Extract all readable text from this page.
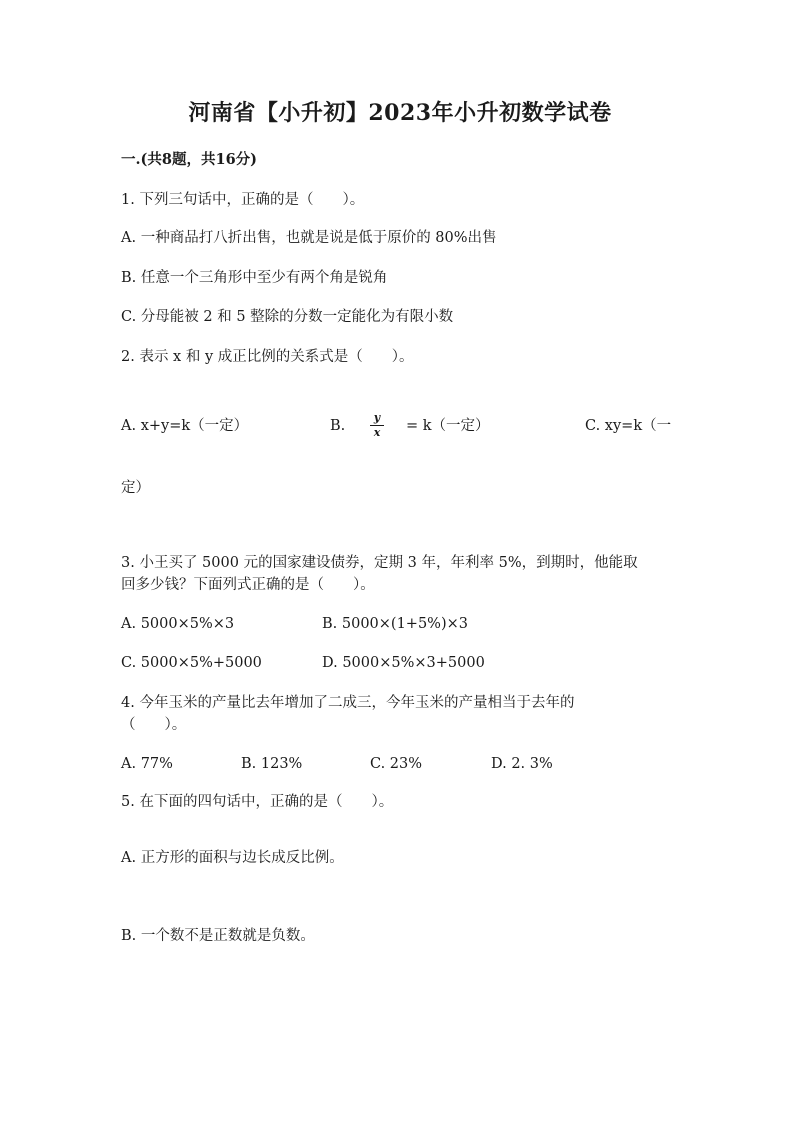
河南省【小升初】2023年小升初数学试卷
一.(共8题，共16分)
1. 下列三句话中，正确的是（　　）。
A. 一种商品打八折出售，也就是说是低于原价的 80%出售
B. 任意一个三角形中至少有两个角是锐角
C. 分母能被 2 和 5 整除的分数一定能化为有限小数
2. 表示 x 和 y 成正比例的关系式是（　　）。
A. x+y=k（一定）	B.
y
x = k（一定）	C. xy=k（一
定）
3. 小王买了 5000 元的国家建设债券，定期 3 年，年利率 5%，到期时，他能取
回多少钱？下面列式正确的是（　　）。
A. 5000×5%×3	B. 5000×(1+5%)×3
C. 5000×5%+5000	D. 5000×5%×3+5000
4. 今年玉米的产量比去年增加了二成三，今年玉米的产量相当于去年的
（　　）。
A. 77%	B. 123%	C. 23%	D. 2. 3%
5. 在下面的四句话中，正确的是（　　）。
A. 正方形的面积与边长成反比例。
B. 一个数不是正数就是负数。
